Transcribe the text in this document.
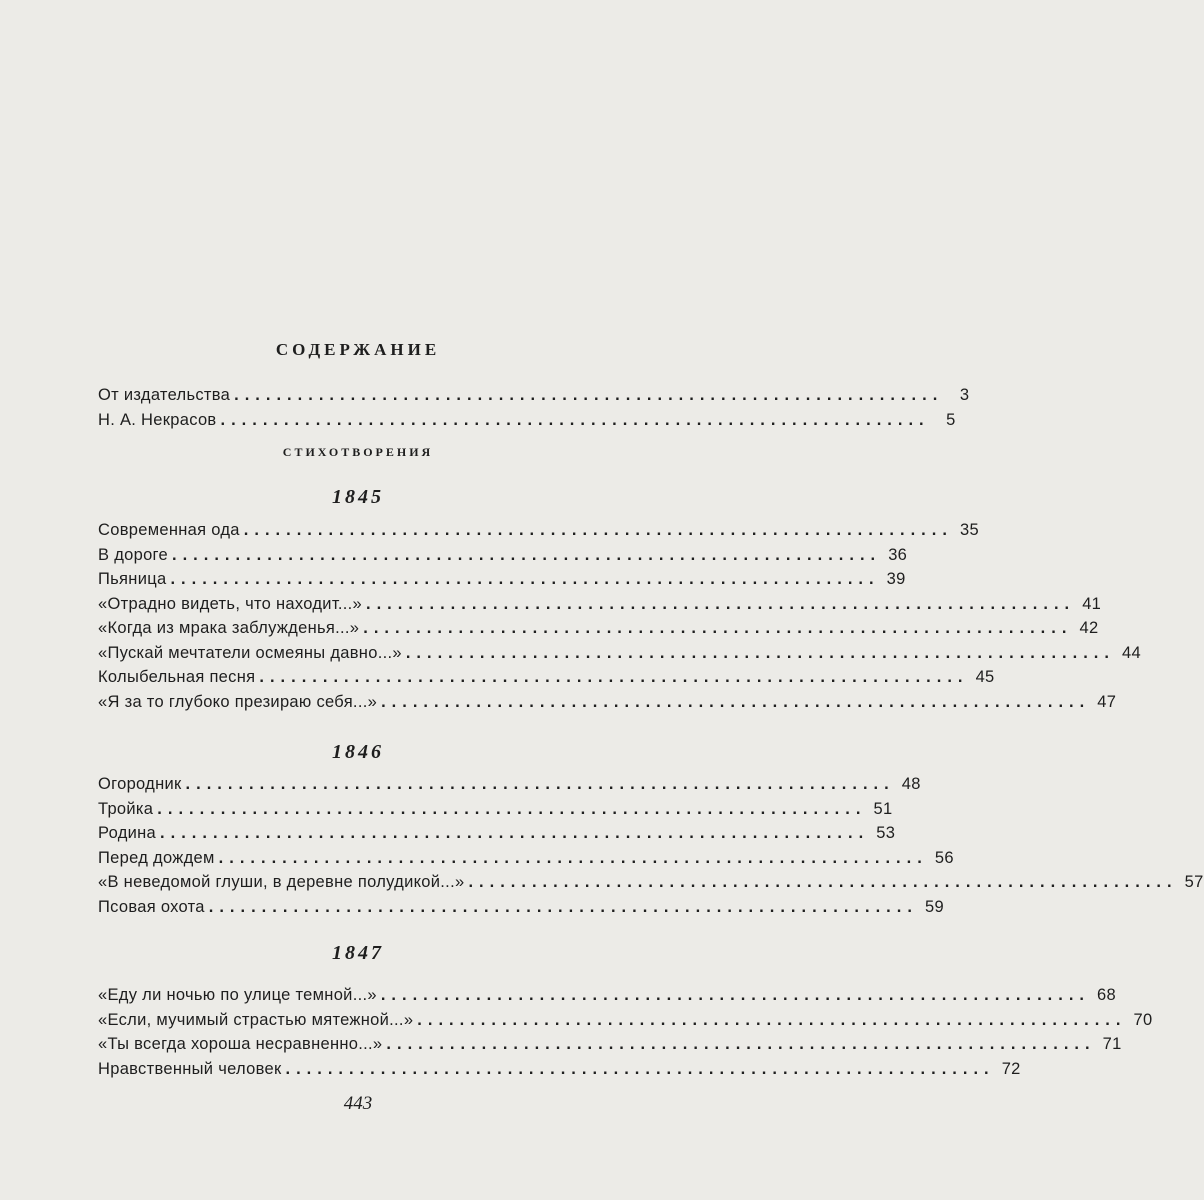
СОДЕРЖАНИЕ
От издательства ...................................................................	3
Н. А. Некрасов ...................................................................	5
СТИХОТВОРЕНИЯ
1845
Современная ода ................................................................... 35
В дороге ................................................................... 36
Пьяница ................................................................... 39
«Отрадно видеть, что находит...» ................................................................... 41
«Когда из мрака заблужденья...» ................................................................... 42
«Пускай мечтатели осмеяны давно...» ................................................................... 44
Колыбельная песня ................................................................... 45
«Я за то глубоко презираю себя...» ................................................................... 47
1846
Огородник ................................................................... 48
Тройка ................................................................... 51
Родина ................................................................... 53
Перед дождем ................................................................... 56
«В неведомой глуши, в деревне полудикой...» ................................................................... 57
Псовая охота ................................................................... 59
1847
«Еду ли ночью по улице темной...» ................................................................... 68
«Если, мучимый страстью мятежной...» ................................................................... 70
«Ты всегда хороша несравненно...» ................................................................... 71
Нравственный человек ................................................................... 72
443
